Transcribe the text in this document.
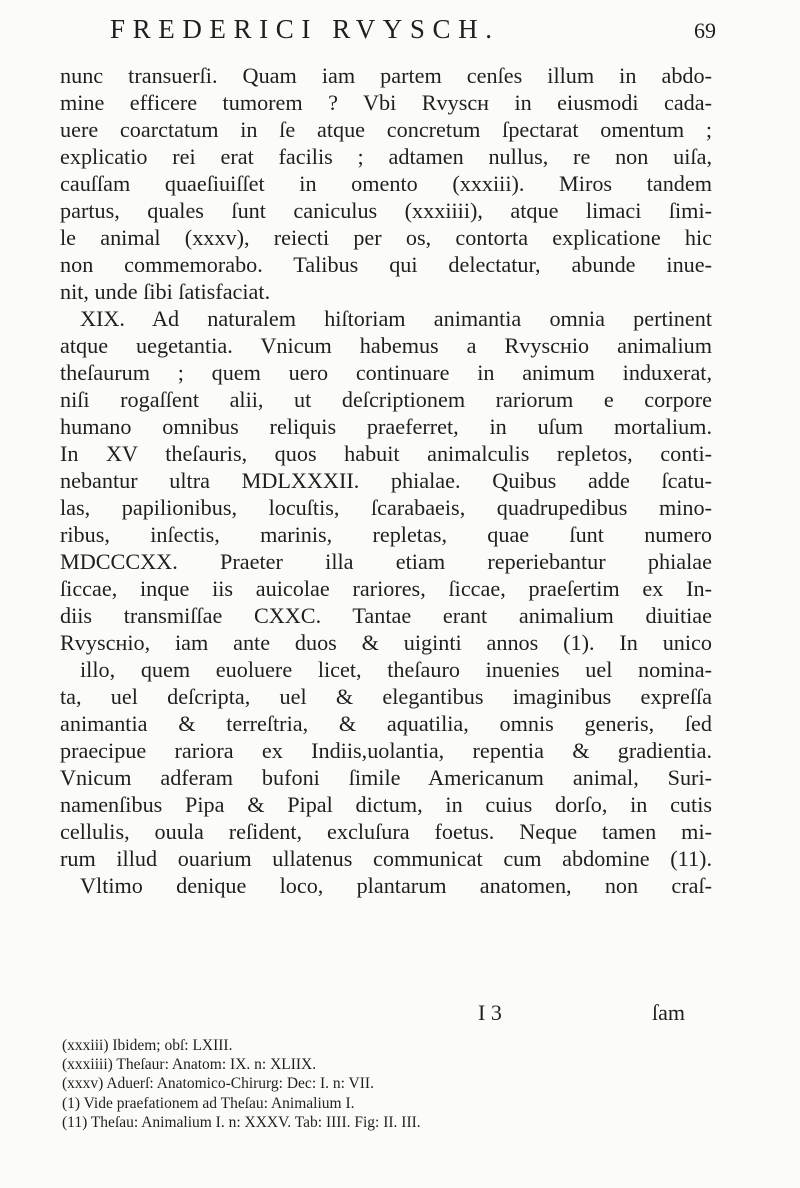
FREDERICI RVYSCH.	69
nunc transuerſi. Quam iam partem cenſes illum in abdo-
mine efficere tumorem ? Vbi Rvyscн in eiusmodi cada-
uere coarctatum in ſe atque concretum ſpectarat omentum ;
explicatio rei erat facilis ; adtamen nullus, re non uiſa,
cauſſam quaeſiuiſſet in omento (xxxiii). Miros tandem
partus, quales ſunt caniculus (xxxiiii), atque limaci ſimi-
le animal (xxxv), reiecti per os, contorta explicatione hic
non commemorabo. Talibus qui delectatur, abunde inue-
nit, unde ſibi ſatisfaciat.
XIX. Ad naturalem hiſtoriam animantia omnia pertinent
atque uegetantia. Vnicum habemus a Rvyscнio animalium
theſaurum ; quem uero continuare in animum induxerat,
niſi rogaſſent alii, ut deſcriptionem rariorum e corpore
humano omnibus reliquis praeferret, in uſum mortalium.
In XV theſauris, quos habuit animalculis repletos, conti-
nebantur ultra MDLXXXII. phialae. Quibus adde ſcatu-
las, papilionibus, locuſtis, ſcarabaeis, quadrupedibus mino-
ribus, inſectis, marinis, repletas, quae ſunt numero
MDCCCXX. Praeter illa etiam reperiebantur phialae
ſiccae, inque iis auicolae rariores, ſiccae, praeſertim ex In-
diis transmiſſae CXXC. Tantae erant animalium diuitiae
Rvyscнio, iam ante duos & uiginti annos (1). In unico
illo, quem euoluere licet, theſauro inuenies uel nomina-
ta, uel deſcripta, uel & elegantibus imaginibus expreſſa
animantia & terreſtria, & aquatilia, omnis generis, ſed
praecipue rariora ex Indiis,uolantia, repentia & gradientia.
Vnicum adferam bufoni ſimile Americanum animal, Suri-
namenſibus Pipa & Pipal dictum, in cuius dorſo, in cutis
cellulis, ouula reſident, excluſura foetus. Neque tamen mi-
rum illud ouarium ullatenus communicat cum abdomine (11).
Vltimo denique loco, plantarum anatomen, non craſ-
I 3	ſam
(xxxiii) Ibidem; obſ: LXIII.
(xxxiiii) Theſaur: Anatom: IX. n: XLIIX.
(xxxv) Aduerſ: Anatomico-Chirurg: Dec: I. n: VII.
(1) Vide praefationem ad Theſau: Animalium I.
(11) Theſau: Animalium I. n: XXXV. Tab: IIII. Fig: II. III.
